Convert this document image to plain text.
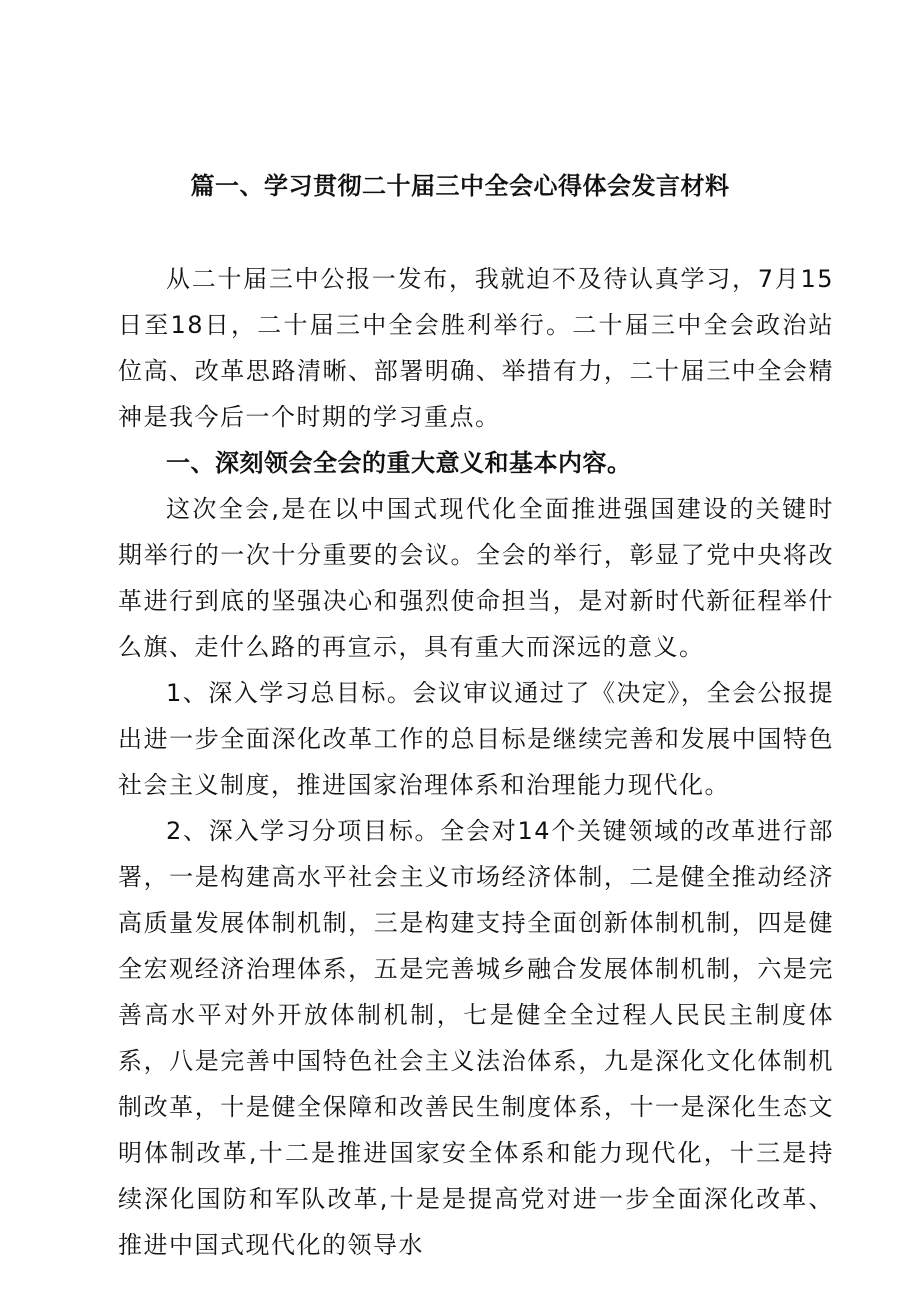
篇一、学习贯彻二十届三中全会心得体会发言材料

从二十届三中公报一发布，我就迫不及待认真学习，7月15日至18日，二十届三中全会胜利举行。二十届三中全会政治站位高、改革思路清晰、部署明确、举措有力，二十届三中全会精神是我今后一个时期的学习重点。

一、深刻领会全会的重大意义和基本内容。

这次全会,是在以中国式现代化全面推进强国建设的关键时期举行的一次十分重要的会议。全会的举行，彰显了党中央将改革进行到底的坚强决心和强烈使命担当，是对新时代新征程举什么旗、走什么路的再宣示，具有重大而深远的意义。

1、深入学习总目标。会议审议通过了《决定》，全会公报提出进一步全面深化改革工作的总目标是继续完善和发展中国特色社会主义制度，推进国家治理体系和治理能力现代化。

2、深入学习分项目标。全会对14个关键领域的改革进行部署，一是构建高水平社会主义市场经济体制，二是健全推动经济高质量发展体制机制，三是构建支持全面创新体制机制，四是健全宏观经济治理体系，五是完善城乡融合发展体制机制，六是完善高水平对外开放体制机制，七是健全全过程人民民主制度体系，八是完善中国特色社会主义法治体系，九是深化文化体制机制改革，十是健全保障和改善民生制度体系，十一是深化生态文明体制改革,十二是推进国家安全体系和能力现代化，十三是持续深化国防和军队改革,十是是提高党对进一步全面深化改革、推进中国式现代化的领导水
